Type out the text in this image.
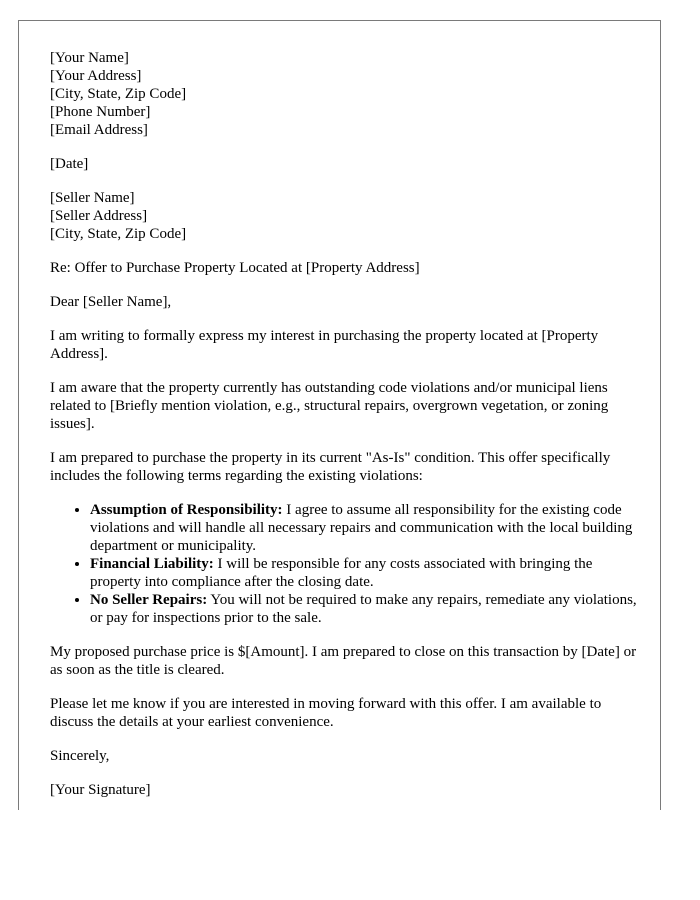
[Your Name]
[Your Address]
[City, State, Zip Code]
[Phone Number]
[Email Address]

[Date]

[Seller Name]
[Seller Address]
[City, State, Zip Code]

Re: Offer to Purchase Property Located at [Property Address]

Dear [Seller Name],

I am writing to formally express my interest in purchasing the property located at [Property Address].

I am aware that the property currently has outstanding code violations and/or municipal liens related to [Briefly mention violation, e.g., structural repairs, overgrown vegetation, or zoning issues].

I am prepared to purchase the property in its current "As-Is" condition. This offer specifically includes the following terms regarding the existing violations:

• Assumption of Responsibility: I agree to assume all responsibility for the existing code violations and will handle all necessary repairs and communication with the local building department or municipality.
• Financial Liability: I will be responsible for any costs associated with bringing the property into compliance after the closing date.
• No Seller Repairs: You will not be required to make any repairs, remediate any violations, or pay for inspections prior to the sale.

My proposed purchase price is $[Amount]. I am prepared to close on this transaction by [Date] or as soon as the title is cleared.

Please let me know if you are interested in moving forward with this offer. I am available to discuss the details at your earliest convenience.

Sincerely,

[Your Signature]
